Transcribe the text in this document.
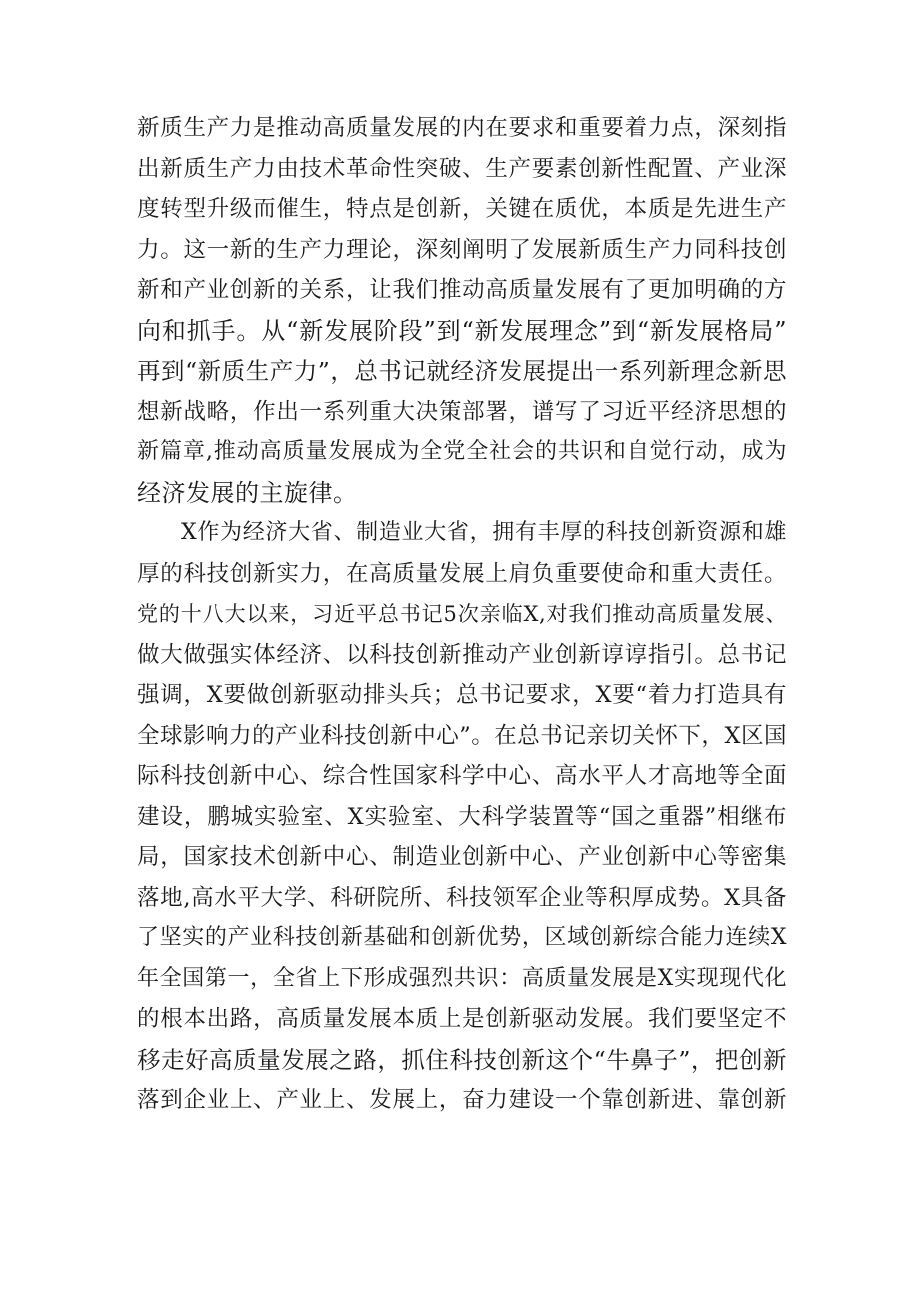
新质生产力是推动高质量发展的内在要求和重要着力点，深刻指
出新质生产力由技术革命性突破、生产要素创新性配置、产业深
度转型升级而催生，特点是创新，关键在质优，本质是先进生产
力。这一新的生产力理论，深刻阐明了发展新质生产力同科技创
新和产业创新的关系，让我们推动高质量发展有了更加明确的方
向和抓手。从“新发展阶段”到“新发展理念”到“新发展格局”
再到“新质生产力”，总书记就经济发展提出一系列新理念新思
想新战略，作出一系列重大决策部署，谱写了习近平经济思想的
新篇章,推动高质量发展成为全党全社会的共识和自觉行动，成为
经济发展的主旋律。

X作为经济大省、制造业大省，拥有丰厚的科技创新资源和雄
厚的科技创新实力，在高质量发展上肩负重要使命和重大责任。
党的十八大以来，习近平总书记5次亲临X,对我们推动高质量发展、
做大做强实体经济、以科技创新推动产业创新谆谆指引。总书记
强调，X要做创新驱动排头兵；总书记要求，X要“着力打造具有
全球影响力的产业科技创新中心”。在总书记亲切关怀下，X区国
际科技创新中心、综合性国家科学中心、高水平人才高地等全面
建设，鹏城实验室、X实验室、大科学装置等“国之重器”相继布
局，国家技术创新中心、制造业创新中心、产业创新中心等密集
落地,高水平大学、科研院所、科技领军企业等积厚成势。X具备
了坚实的产业科技创新基础和创新优势，区域创新综合能力连续X
年全国第一，全省上下形成强烈共识：高质量发展是X实现现代化
的根本出路，高质量发展本质上是创新驱动发展。我们要坚定不
移走好高质量发展之路，抓住科技创新这个“牛鼻子”，把创新
落到企业上、产业上、发展上，奋力建设一个靠创新进、靠创新
